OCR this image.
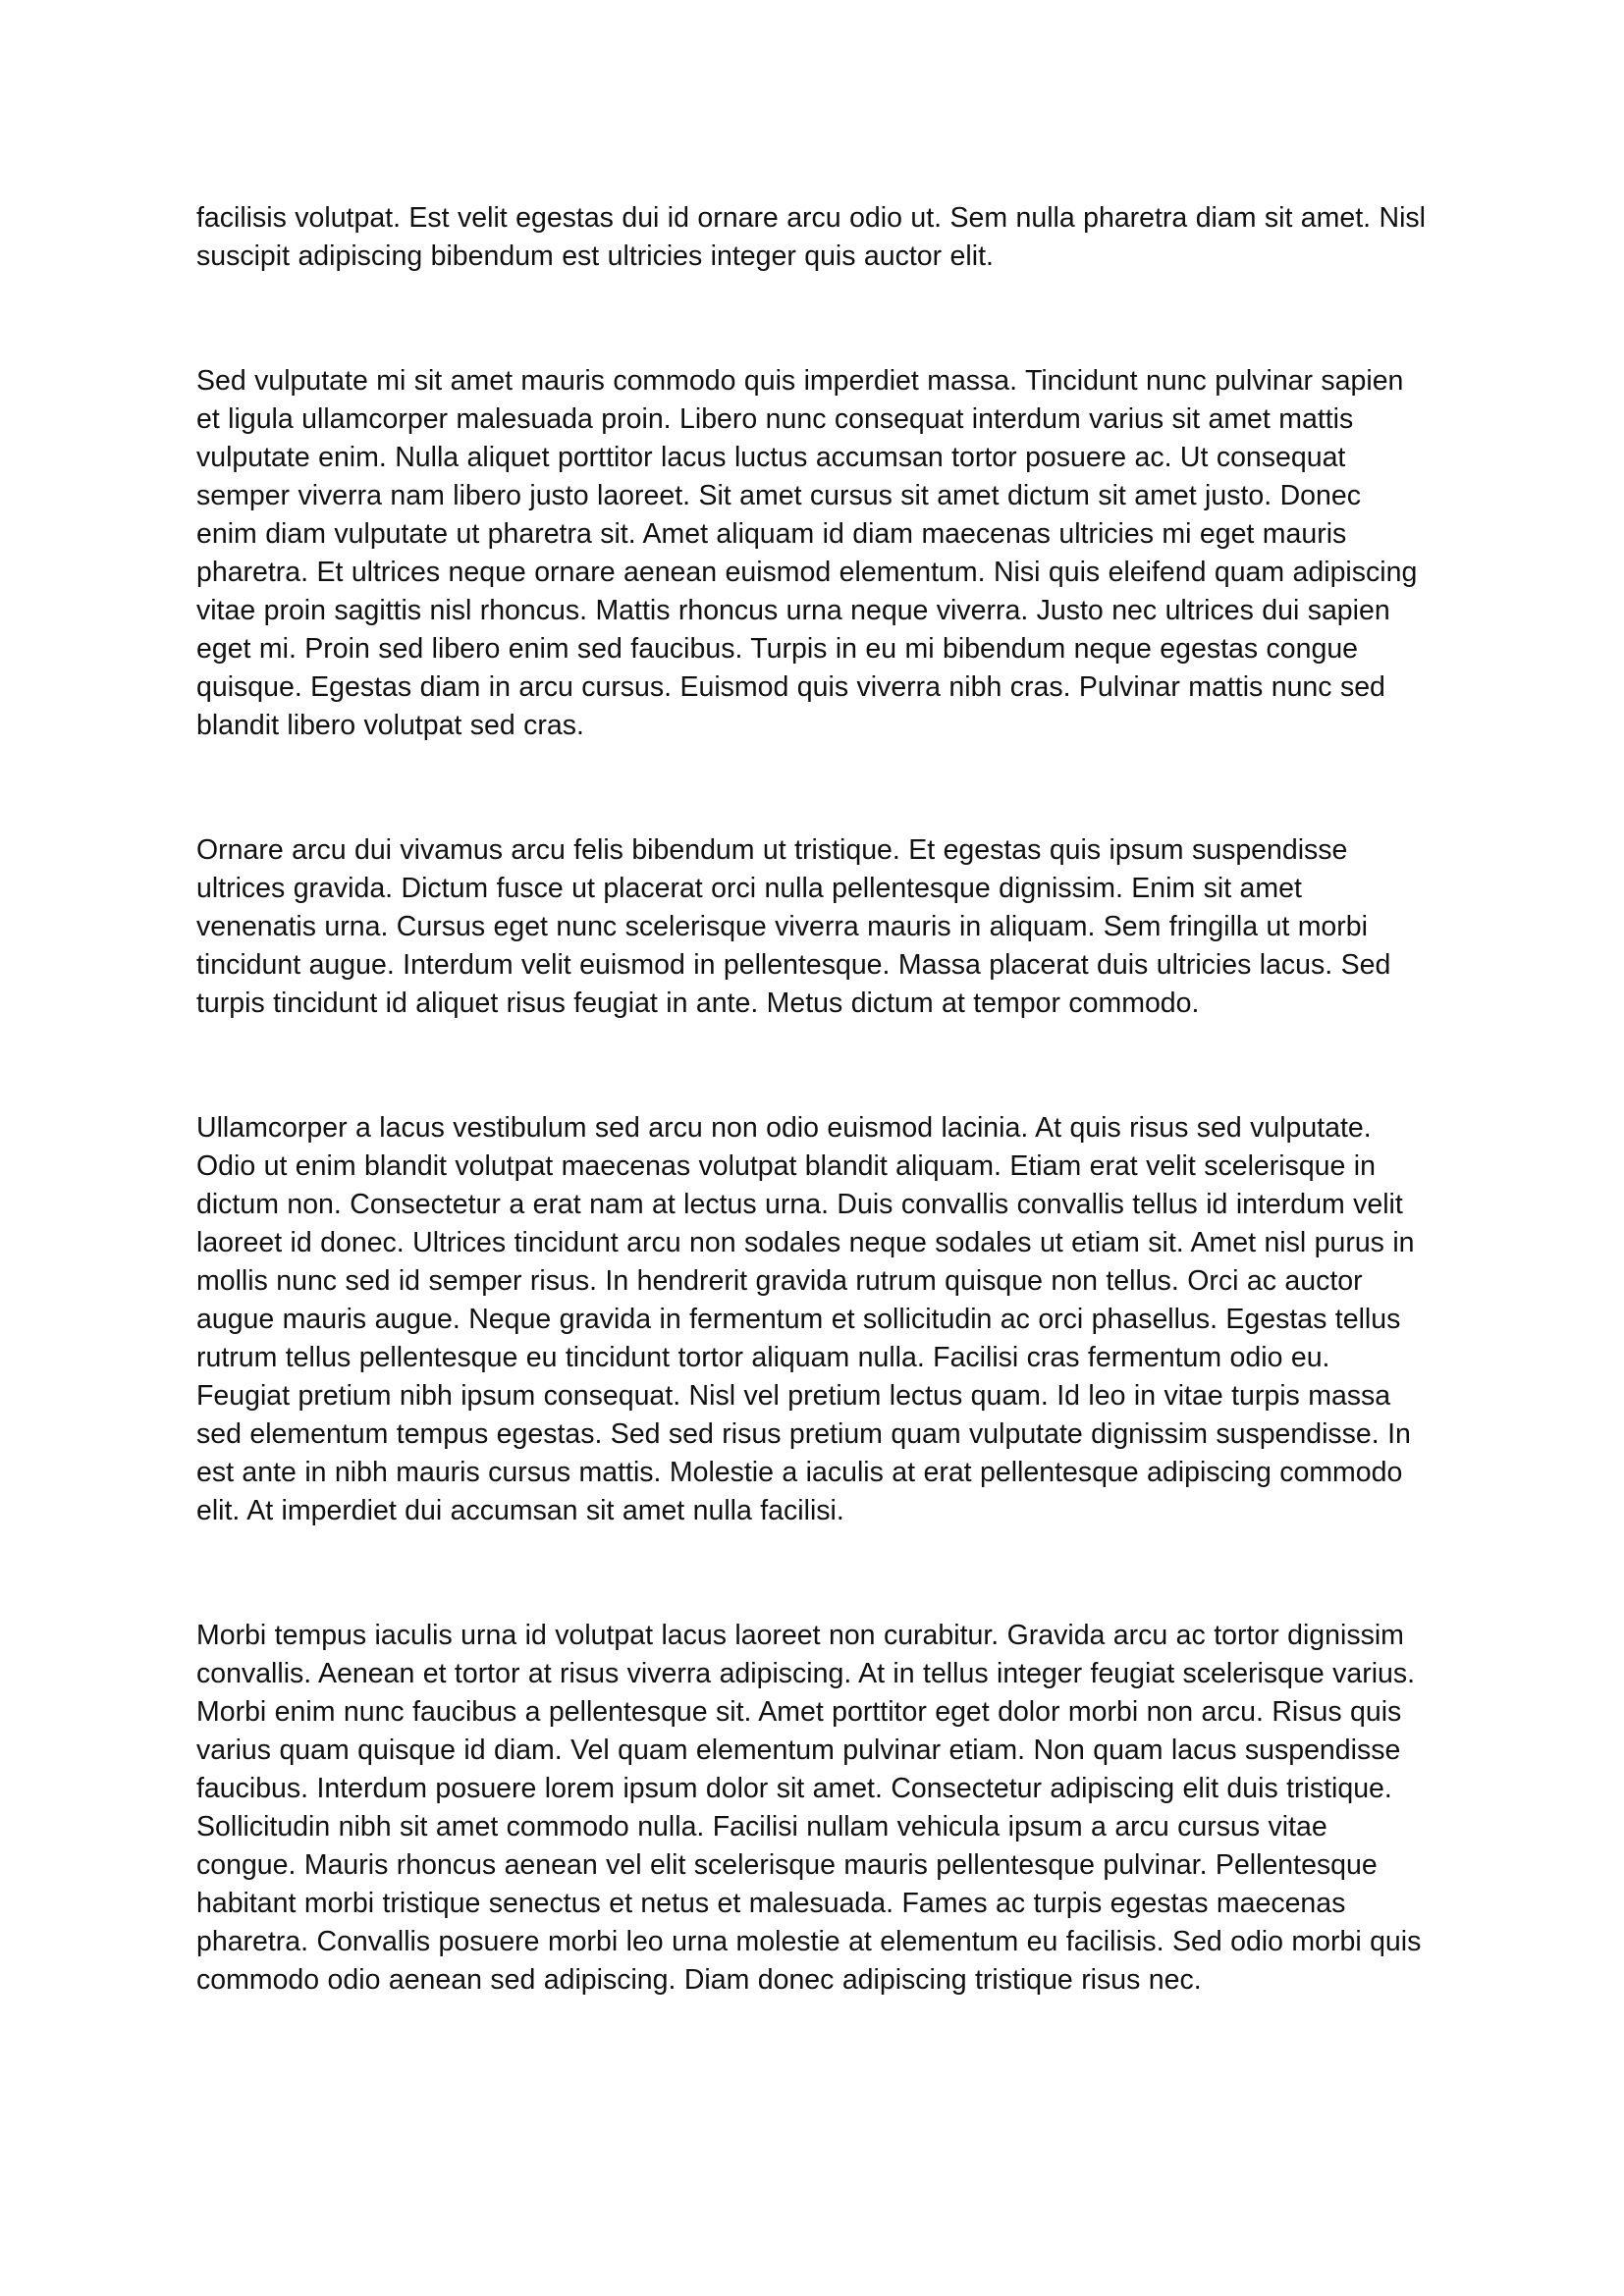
facilisis volutpat. Est velit egestas dui id ornare arcu odio ut. Sem nulla pharetra diam sit amet. Nisl suscipit adipiscing bibendum est ultricies integer quis auctor elit.

Sed vulputate mi sit amet mauris commodo quis imperdiet massa. Tincidunt nunc pulvinar sapien et ligula ullamcorper malesuada proin. Libero nunc consequat interdum varius sit amet mattis vulputate enim. Nulla aliquet porttitor lacus luctus accumsan tortor posuere ac. Ut consequat semper viverra nam libero justo laoreet. Sit amet cursus sit amet dictum sit amet justo. Donec enim diam vulputate ut pharetra sit. Amet aliquam id diam maecenas ultricies mi eget mauris pharetra. Et ultrices neque ornare aenean euismod elementum. Nisi quis eleifend quam adipiscing vitae proin sagittis nisl rhoncus. Mattis rhoncus urna neque viverra. Justo nec ultrices dui sapien eget mi. Proin sed libero enim sed faucibus. Turpis in eu mi bibendum neque egestas congue quisque. Egestas diam in arcu cursus. Euismod quis viverra nibh cras. Pulvinar mattis nunc sed blandit libero volutpat sed cras.

Ornare arcu dui vivamus arcu felis bibendum ut tristique. Et egestas quis ipsum suspendisse ultrices gravida. Dictum fusce ut placerat orci nulla pellentesque dignissim. Enim sit amet venenatis urna. Cursus eget nunc scelerisque viverra mauris in aliquam. Sem fringilla ut morbi tincidunt augue. Interdum velit euismod in pellentesque. Massa placerat duis ultricies lacus. Sed turpis tincidunt id aliquet risus feugiat in ante. Metus dictum at tempor commodo.

Ullamcorper a lacus vestibulum sed arcu non odio euismod lacinia. At quis risus sed vulputate. Odio ut enim blandit volutpat maecenas volutpat blandit aliquam. Etiam erat velit scelerisque in dictum non. Consectetur a erat nam at lectus urna. Duis convallis convallis tellus id interdum velit laoreet id donec. Ultrices tincidunt arcu non sodales neque sodales ut etiam sit. Amet nisl purus in mollis nunc sed id semper risus. In hendrerit gravida rutrum quisque non tellus. Orci ac auctor augue mauris augue. Neque gravida in fermentum et sollicitudin ac orci phasellus. Egestas tellus rutrum tellus pellentesque eu tincidunt tortor aliquam nulla. Facilisi cras fermentum odio eu. Feugiat pretium nibh ipsum consequat. Nisl vel pretium lectus quam. Id leo in vitae turpis massa sed elementum tempus egestas. Sed sed risus pretium quam vulputate dignissim suspendisse. In est ante in nibh mauris cursus mattis. Molestie a iaculis at erat pellentesque adipiscing commodo elit. At imperdiet dui accumsan sit amet nulla facilisi.

Morbi tempus iaculis urna id volutpat lacus laoreet non curabitur. Gravida arcu ac tortor dignissim convallis. Aenean et tortor at risus viverra adipiscing. At in tellus integer feugiat scelerisque varius. Morbi enim nunc faucibus a pellentesque sit. Amet porttitor eget dolor morbi non arcu. Risus quis varius quam quisque id diam. Vel quam elementum pulvinar etiam. Non quam lacus suspendisse faucibus. Interdum posuere lorem ipsum dolor sit amet. Consectetur adipiscing elit duis tristique. Sollicitudin nibh sit amet commodo nulla. Facilisi nullam vehicula ipsum a arcu cursus vitae congue. Mauris rhoncus aenean vel elit scelerisque mauris pellentesque pulvinar. Pellentesque habitant morbi tristique senectus et netus et malesuada. Fames ac turpis egestas maecenas pharetra. Convallis posuere morbi leo urna molestie at elementum eu facilisis. Sed odio morbi quis commodo odio aenean sed adipiscing. Diam donec adipiscing tristique risus nec.
